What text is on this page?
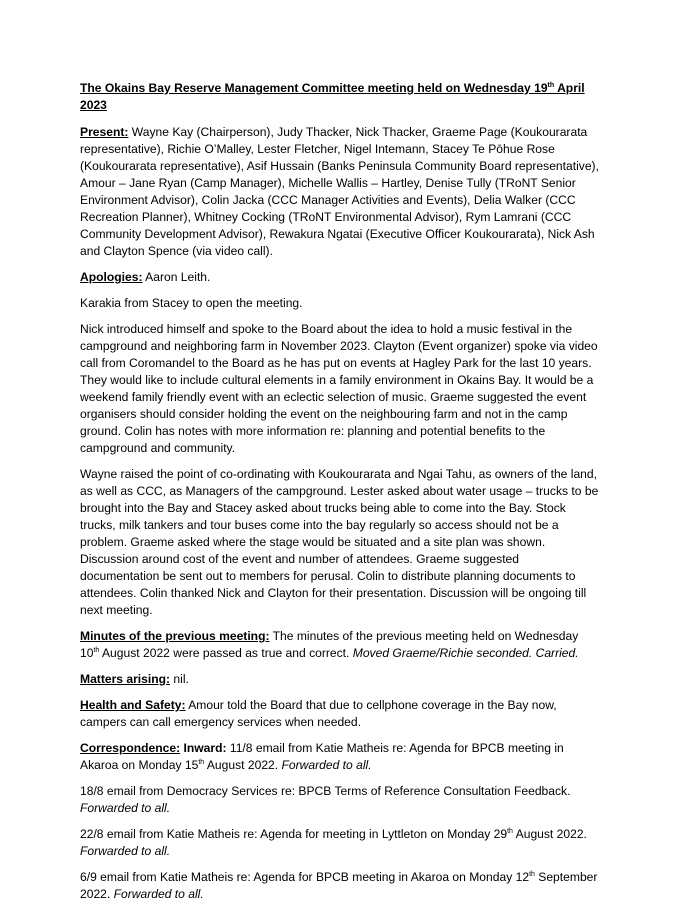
The Okains Bay Reserve Management Committee meeting held on Wednesday 19th April 2023

Present: Wayne Kay (Chairperson), Judy Thacker, Nick Thacker, Graeme Page (Koukourarata representative), Richie O’Malley, Lester Fletcher, Nigel Intemann, Stacey Te Pōhue Rose (Koukourarata representative), Asif Hussain (Banks Peninsula Community Board representative), Amour – Jane Ryan (Camp Manager), Michelle Wallis – Hartley, Denise Tully (TRoNT Senior Environment Advisor), Colin Jacka (CCC Manager Activities and Events), Delia Walker (CCC Recreation Planner), Whitney Cocking (TRoNT Environmental Advisor), Rym Lamrani (CCC Community Development Advisor), Rewakura Ngatai (Executive Officer Koukourarata), Nick Ash and Clayton Spence (via video call).

Apologies: Aaron Leith.

Karakia from Stacey to open the meeting.

Nick introduced himself and spoke to the Board about the idea to hold a music festival in the campground and neighboring farm in November 2023. Clayton (Event organizer) spoke via video call from Coromandel to the Board as he has put on events at Hagley Park for the last 10 years. They would like to include cultural elements in a family environment in Okains Bay. It would be a weekend family friendly event with an eclectic selection of music. Graeme suggested the event organisers should consider holding the event on the neighbouring farm and not in the camp ground. Colin has notes with more information re: planning and potential benefits to the campground and community.

Wayne raised the point of co-ordinating with Koukourarata and Ngai Tahu, as owners of the land, as well as CCC, as Managers of the campground. Lester asked about water usage – trucks to be brought into the Bay and Stacey asked about trucks being able to come into the Bay. Stock trucks, milk tankers and tour buses come into the bay regularly so access should not be a problem. Graeme asked where the stage would be situated and a site plan was shown. Discussion around cost of the event and number of attendees. Graeme suggested documentation be sent out to members for perusal. Colin to distribute planning documents to attendees. Colin thanked Nick and Clayton for their presentation. Discussion will be ongoing till next meeting.

Minutes of the previous meeting: The minutes of the previous meeting held on Wednesday 10th August 2022 were passed as true and correct. Moved Graeme/Richie seconded. Carried.

Matters arising: nil.

Health and Safety: Amour told the Board that due to cellphone coverage in the Bay now, campers can call emergency services when needed.

Correspondence: Inward: 11/8 email from Katie Matheis re: Agenda for BPCB meeting in Akaroa on Monday 15th August 2022. Forwarded to all.

18/8 email from Democracy Services re: BPCB Terms of Reference Consultation Feedback. Forwarded to all.

22/8 email from Katie Matheis re: Agenda for meeting in Lyttleton on Monday 29th August 2022. Forwarded to all.

6/9 email from Katie Matheis re: Agenda for BPCB meeting in Akaroa on Monday 12th September 2022. Forwarded to all.
